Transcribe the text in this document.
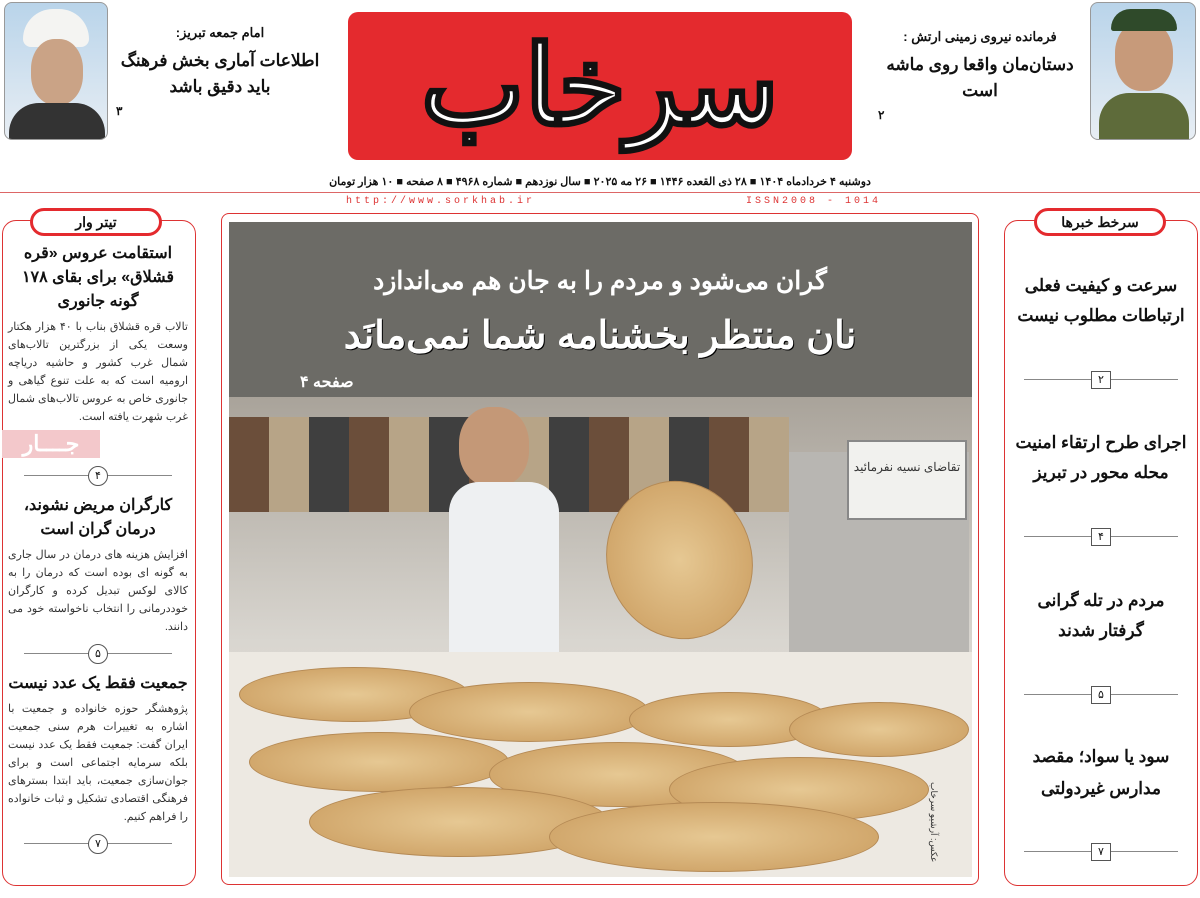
فرمانده نیروی زمینی ارتش :
دستان‌مان واقعا روی ماشه است
۲
امام جمعه تبریز:
اطلاعات آماری بخش فرهنگ باید دقیق باشد
۳	سرخاب
دوشنبه ۴ خردادماه ۱۴۰۴ ■ ۲۸ ذی القعده ۱۴۴۶ ■ ۲۶ مه ۲۰۲۵ ■ سال نوزدهم ■ شماره ۴۹۶۸ ■ ۸ صفحه ■ ۱۰ هزار تومان
http://www.sorkhab.ir	ISSN2008 - 1014
تیتر وار
استقامت عروس «قره قشلاق» برای بقای ۱۷۸ گونه جانوری
تالاب قره قشلاق بناب با ۴۰ هزار هکتار وسعت یکی از بزرگترین تالاب‌های شمال غرب کشور و حاشیه دریاچه ارومیه است که به علت تنوع گیاهی و جانوری خاص به عروس تالاب‌های شمال غرب شهرت یافته است.
جــــار
۴
کارگران مریض نشوند، درمان گران است
افزایش هزینه های درمان در سال جاری به گونه ای بوده است که درمان را به کالای لوکس تبدیل کرده و کارگران خوددرمانی را انتخاب ناخواسته خود می دانند.
۵
جمعیت فقط یک عدد نیست
پژوهشگر حوزه خانواده و جمعیت با اشاره به تغییرات هرم سنی جمعیت ایران گفت: جمعیت فقط یک عدد نیست بلکه سرمایه اجتماعی است و برای جوان‌سازی جمعیت، باید ابتدا بسترهای فرهنگی اقتصادی تشکیل و ثبات خانواده را فراهم کنیم.
۷
تقاضای نسیه نفرمائید
عکس: آرشیو سرخاب
گران می‌شود و مردم را به جان هم می‌اندازد
نان منتظر بخشنامه شما نمی‌مانَد
صفحه ۴
سرخط خبرها
سرعت و کیفیت فعلی ارتباطات مطلوب نیست
۲
اجرای طرح ارتقاء امنیت محله محور در تبریز
۴
مردم در تله گرانی گرفتار شدند
۵
سود یا سواد؛ مقصد مدارس غیردولتی
۷
